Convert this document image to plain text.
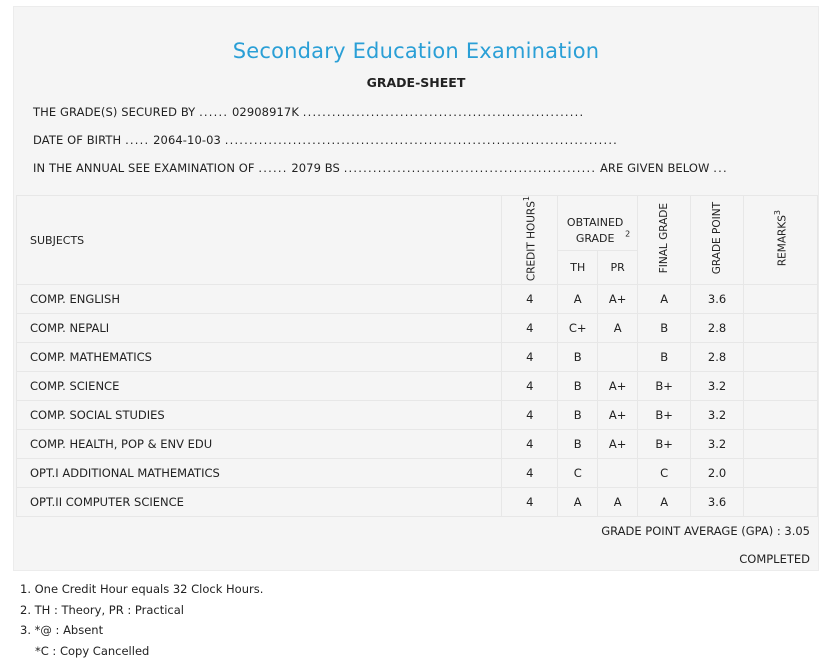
Secondary Education Examination
GRADE-SHEET
THE GRADE(S) SECURED BY ...... 02908917K ..........................................................
DATE OF BIRTH ..... 2064-10-03 .................................................................................
IN THE ANNUAL SEE EXAMINATION OF ...... 2079 BS .................................................... ARE GIVEN BELOW ...
SUBJECTS	CREDIT HOURS$^1$	OBTAINED GRADE $^2$		FINAL GRADE	GRADE POINT	REMARKS$^3$
		TH	PR			
COMP. ENGLISH	4	A	A+	A	3.6	
COMP. NEPALI	4	C+	A	B	2.8	
COMP. MATHEMATICS	4	B		B	2.8	
COMP. SCIENCE	4	B	A+	B+	3.2	
COMP. SOCIAL STUDIES	4	B	A+	B+	3.2	
COMP. HEALTH, POP & ENV EDU	4	B	A+	B+	3.2	
OPT.I ADDITIONAL MATHEMATICS	4	C		C	2.0	
OPT.II COMPUTER SCIENCE	4	A	A	A	3.6	
GRADE POINT AVERAGE (GPA) : 3.05
COMPLETED
1. One Credit Hour equals 32 Clock Hours.
2. TH : Theory, PR : Practical
3. *@ : Absent
*C : Copy Cancelled
